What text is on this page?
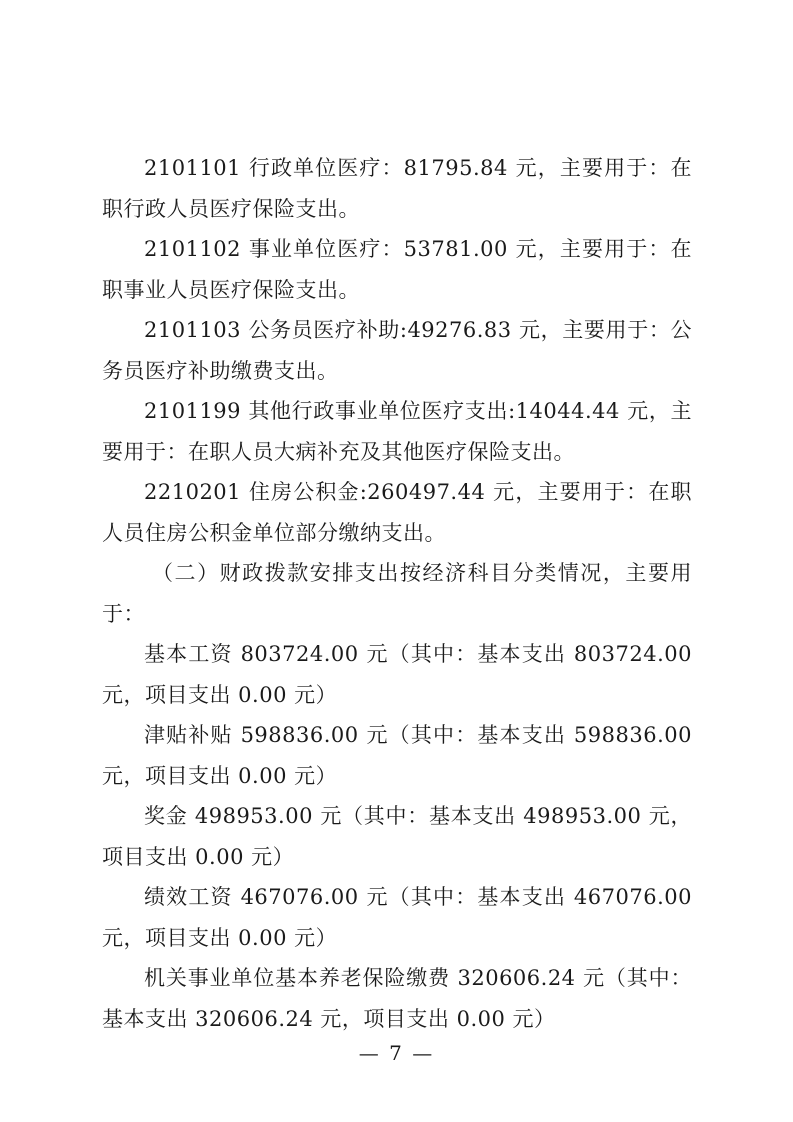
2101101 行政单位医疗：81795.84 元，主要用于：在职行政人员医疗保险支出。

2101102 事业单位医疗：53781.00 元，主要用于：在职事业人员医疗保险支出。

2101103 公务员医疗补助:49276.83 元，主要用于：公务员医疗补助缴费支出。

2101199 其他行政事业单位医疗支出:14044.44 元，主要用于：在职人员大病补充及其他医疗保险支出。

2210201 住房公积金:260497.44 元，主要用于：在职人员住房公积金单位部分缴纳支出。

（二）财政拨款安排支出按经济科目分类情况，主要用于：

基本工资 803724.00 元（其中：基本支出 803724.00 元，项目支出 0.00 元）

津贴补贴 598836.00 元（其中：基本支出 598836.00 元，项目支出 0.00 元）

奖金 498953.00 元（其中：基本支出 498953.00 元，项目支出 0.00 元）

绩效工资 467076.00 元（其中：基本支出 467076.00 元，项目支出 0.00 元）

机关事业单位基本养老保险缴费 320606.24 元（其中：基本支出 320606.24 元，项目支出 0.00 元）

— 7 —
